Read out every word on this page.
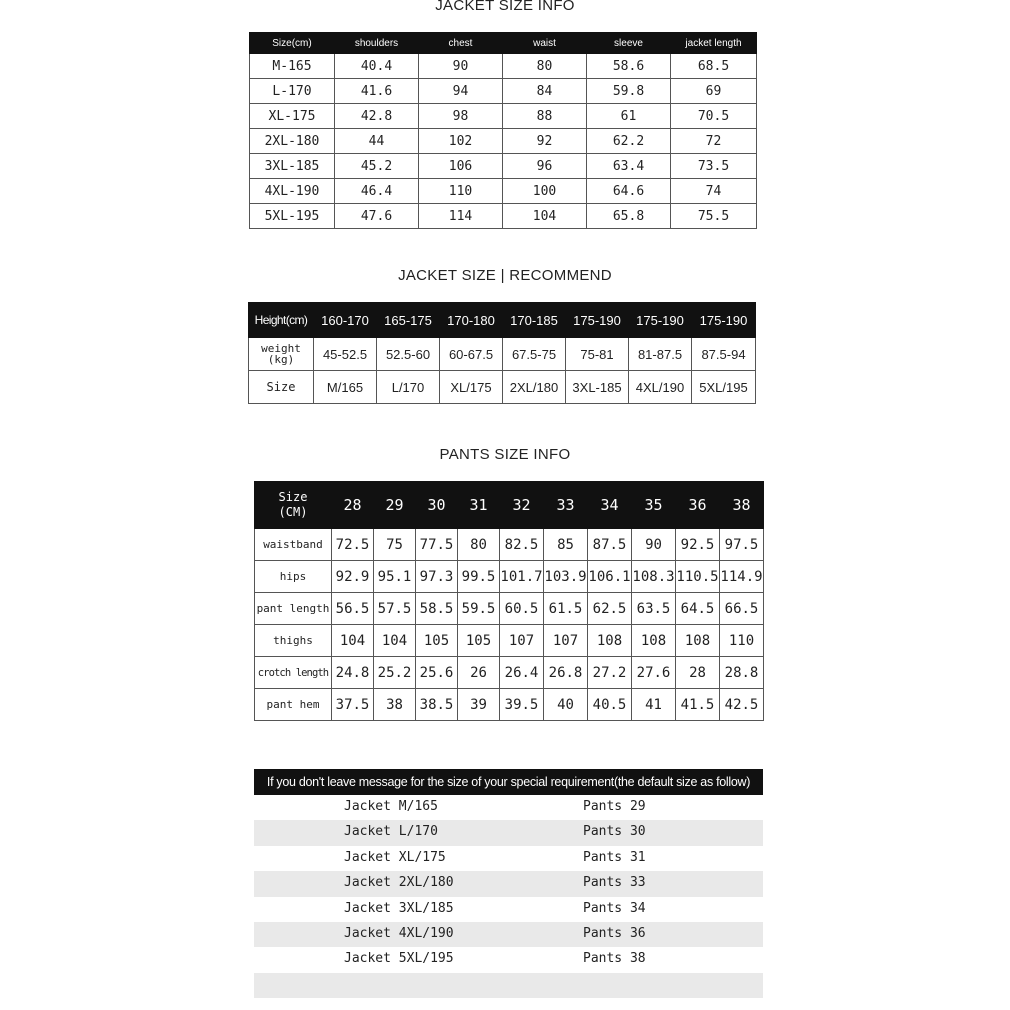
JACKET SIZE INFO
Size(cm)	shoulders	chest	waist	sleeve	jacket length
M-165	40.4	90	80	58.6	68.5
L-170	41.6	94	84	59.8	69
XL-175	42.8	98	88	61	70.5
2XL-180	44	102	92	62.2	72
3XL-185	45.2	106	96	63.4	73.5
4XL-190	46.4	110	100	64.6	74
5XL-195	47.6	114	104	65.8	75.5
JACKET SIZE | RECOMMEND
Height(cm)	160-170	165-175	170-180	170-185	175-190	175-190	175-190
weight
(kg)	45-52.5	52.5-60	60-67.5	67.5-75	75-81	81-87.5	87.5-94
Size	M/165	L/170	XL/175	2XL/180	3XL-185	4XL/190	5XL/195
PANTS SIZE INFO
Size
(CM)	28	29	30	31	32	33	34	35	36	38
waistband	72.5	75	77.5	80	82.5	85	87.5	90	92.5	97.5
hips	92.9	95.1	97.3	99.5	101.7	103.9	106.1	108.3	110.5	114.9
pant length	56.5	57.5	58.5	59.5	60.5	61.5	62.5	63.5	64.5	66.5
thighs	104	104	105	105	107	107	108	108	108	110
crotch length	24.8	25.2	25.6	26	26.4	26.8	27.2	27.6	28	28.8
pant hem	37.5	38	38.5	39	39.5	40	40.5	41	41.5	42.5
If you don't leave message for the size of your special requirement(the default size as follow)
Jacket M/165	Pants 29
Jacket L/170	Pants 30
Jacket XL/175	Pants 31
Jacket 2XL/180	Pants 33
Jacket 3XL/185	Pants 34
Jacket 4XL/190	Pants 36
Jacket 5XL/195	Pants 38
